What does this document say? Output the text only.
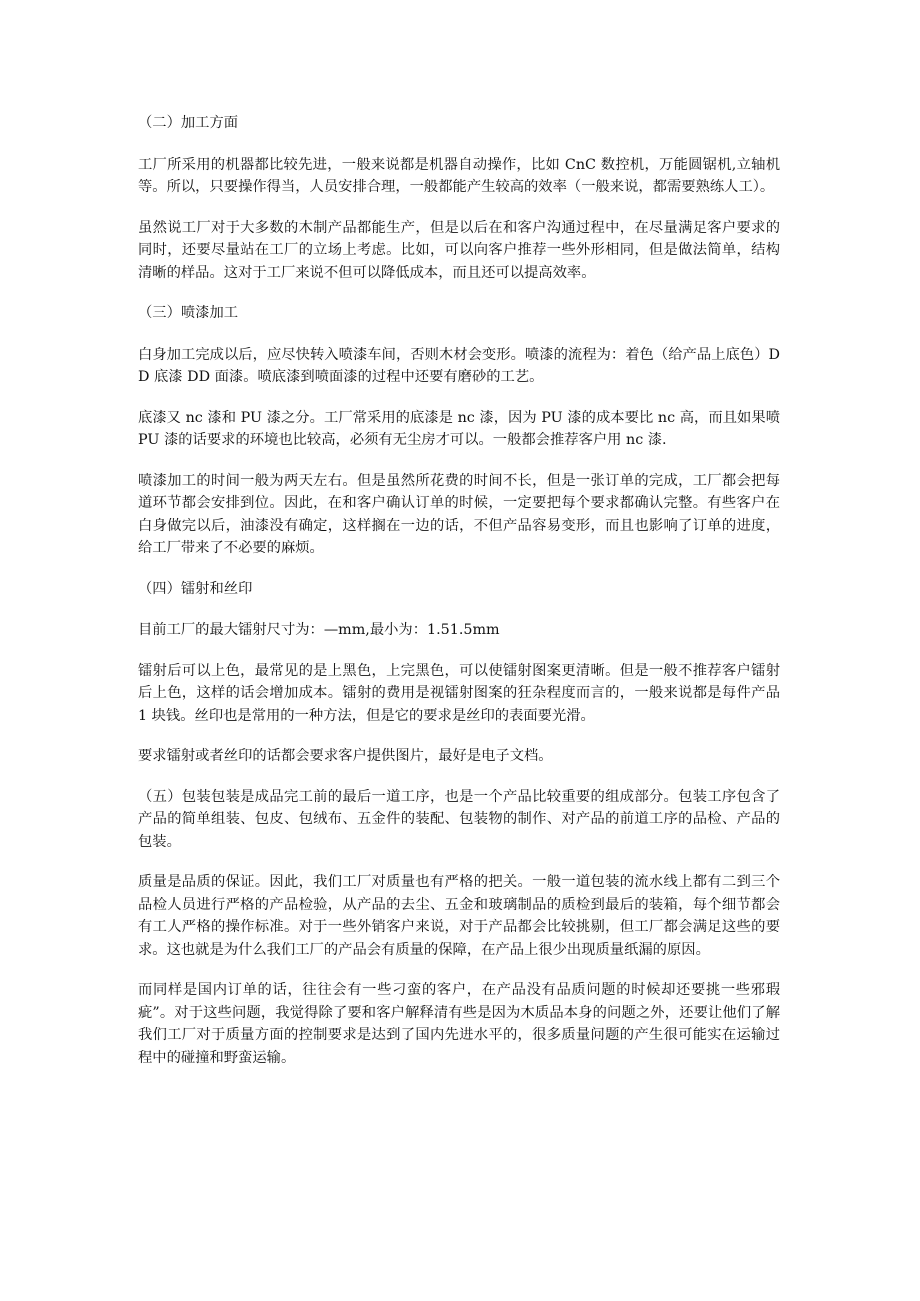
（二）加工方面

工厂所采用的机器都比较先进，一般来说都是机器自动操作，比如 CnC 数控机，万能圆锯机,立轴机等。所以，只要操作得当，人员安排合理，一般都能产生较高的效率（一般来说，都需要熟练人工）。

虽然说工厂对于大多数的木制产品都能生产，但是以后在和客户沟通过程中，在尽量满足客户要求的同时，还要尽量站在工厂的立场上考虑。比如，可以向客户推荐一些外形相同，但是做法简单，结构清晰的样品。这对于工厂来说不但可以降低成本，而且还可以提高效率。

（三）喷漆加工

白身加工完成以后，应尽快转入喷漆车间，否则木材会变形。喷漆的流程为：着色（给产品上底色）DD 底漆 DD 面漆。喷底漆到喷面漆的过程中还要有磨砂的工艺。

底漆又 nc 漆和 PU 漆之分。工厂常采用的底漆是 nc 漆，因为 PU 漆的成本要比 nc 高，而且如果喷 PU 漆的话要求的环境也比较高，必须有无尘房才可以。一般都会推荐客户用 nc 漆.

喷漆加工的时间一般为两天左右。但是虽然所花费的时间不长，但是一张订单的完成，工厂都会把每道环节都会安排到位。因此，在和客户确认订单的时候，一定要把每个要求都确认完整。有些客户在白身做完以后，油漆没有确定，这样搁在一边的话，不但产品容易变形，而且也影响了订单的进度，给工厂带来了不必要的麻烦。

（四）镭射和丝印

目前工厂的最大镭射尺寸为：—mm,最小为：1.51.5mm

镭射后可以上色，最常见的是上黑色，上完黑色，可以使镭射图案更清晰。但是一般不推荐客户镭射后上色，这样的话会增加成本。镭射的费用是视镭射图案的狂杂程度而言的，一般来说都是每件产品 1 块钱。丝印也是常用的一种方法，但是它的要求是丝印的表面要光滑。

要求镭射或者丝印的话都会要求客户提供图片，最好是电子文档。

（五）包装包装是成品完工前的最后一道工序，也是一个产品比较重要的组成部分。包装工序包含了产品的简单组装、包皮、包绒布、五金件的装配、包装物的制作、对产品的前道工序的品检、产品的包装。

质量是品质的保证。因此，我们工厂对质量也有严格的把关。一般一道包装的流水线上都有二到三个品检人员进行严格的产品检验，从产品的去尘、五金和玻璃制品的质检到最后的装箱，每个细节都会有工人严格的操作标准。对于一些外销客户来说，对于产品都会比较挑剔，但工厂都会满足这些的要求。这也就是为什么我们工厂的产品会有质量的保障，在产品上很少出现质量纸漏的原因。

而同样是国内订单的话，往往会有一些刁蛮的客户，在产品没有品质问题的时候却还要挑一些邪瑕疵”。对于这些问题，我觉得除了要和客户解释清有些是因为木质品本身的问题之外，还要让他们了解我们工厂对于质量方面的控制要求是达到了国内先进水平的，很多质量问题的产生很可能实在运输过程中的碰撞和野蛮运输。
